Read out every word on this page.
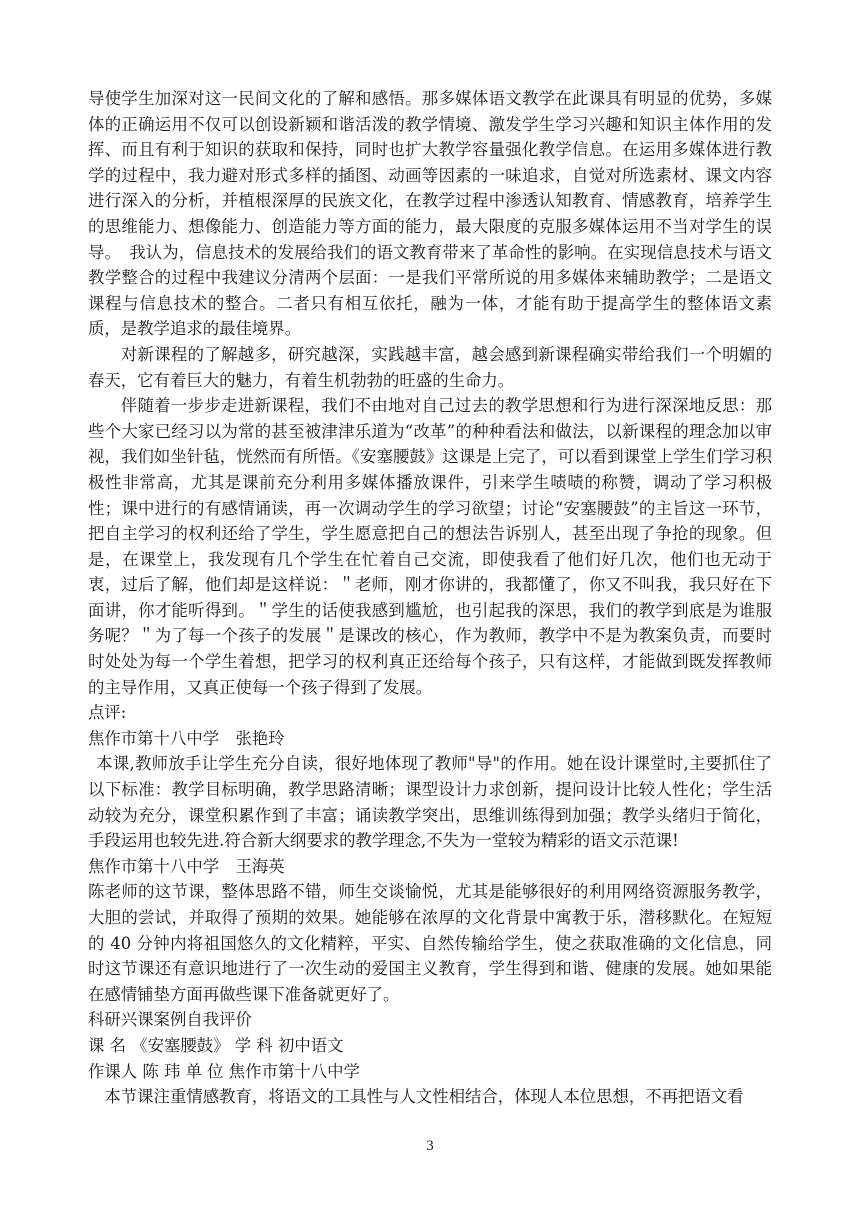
导使学生加深对这一民间文化的了解和感悟。那多媒体语文教学在此课具有明显的优势，多媒体的正确运用不仅可以创设新颖和谐活泼的教学情境、激发学生学习兴趣和知识主体作用的发挥、而且有利于知识的获取和保持，同时也扩大教学容量强化教学信息。在运用多媒体进行教学的过程中，我力避对形式多样的插图、动画等因素的一味追求，自觉对所选素材、课文内容进行深入的分析，并植根深厚的民族文化，在教学过程中渗透认知教育、情感教育，培养学生的思维能力、想像能力、创造能力等方面的能力，最大限度的克服多媒体运用不当对学生的误导。　我认为，信息技术的发展给我们的语文教育带来了革命性的影响。在实现信息技术与语文教学整合的过程中我建议分清两个层面：一是我们平常所说的用多媒体来辅助教学；二是语文课程与信息技术的整合。二者只有相互依托，融为一体，才能有助于提高学生的整体语文素质，是教学追求的最佳境界。

对新课程的了解越多，研究越深，实践越丰富，越会感到新课程确实带给我们一个明媚的春天，它有着巨大的魅力，有着生机勃勃的旺盛的生命力。

伴随着一步步走进新课程，我们不由地对自己过去的教学思想和行为进行深深地反思：那些个大家已经习以为常的甚至被津津乐道为“改革”的种种看法和做法，以新课程的理念加以审视，我们如坐针毡，恍然而有所悟。《安塞腰鼓》这课是上完了，可以看到课堂上学生们学习积极性非常高，尤其是课前充分利用多媒体播放课件，引来学生啧啧的称赞，调动了学习积极性；课中进行的有感情诵读，再一次调动学生的学习欲望；讨论“安塞腰鼓”的主旨这一环节，把自主学习的权利还给了学生，学生愿意把自己的想法告诉别人，甚至出现了争抢的现象。但是，在课堂上，我发现有几个学生在忙着自己交流，即使我看了他们好几次，他们也无动于衷，过后了解，他们却是这样说：＂老师，刚才你讲的，我都懂了，你又不叫我，我只好在下面讲，你才能听得到。＂学生的话使我感到尴尬，也引起我的深思，我们的教学到底是为谁服务呢？＂为了每一个孩子的发展＂是课改的核心，作为教师，教学中不是为教案负责，而要时时处处为每一个学生着想，把学习的权利真正还给每个孩子，只有这样，才能做到既发挥教师的主导作用，又真正使每一个孩子得到了发展。

点评:

焦作市第十八中学　张艳玲

本课,教师放手让学生充分自读，很好地体现了教师"导"的作用。她在设计课堂时,主要抓住了以下标准：教学目标明确，教学思路清晰；课型设计力求创新，提问设计比较人性化；学生活动较为充分，课堂积累作到了丰富；诵读教学突出，思维训练得到加强；教学头绪归于简化，手段运用也较先进.符合新大纲要求的教学理念,不失为一堂较为精彩的语文示范课!

焦作市第十八中学　王海英

陈老师的这节课，整体思路不错，师生交谈愉悦，尤其是能够很好的利用网络资源服务教学，大胆的尝试，并取得了预期的效果。她能够在浓厚的文化背景中寓教于乐，潜移默化。在短短的 40 分钟内将祖国悠久的文化精粹，平实、自然传输给学生，使之获取准确的文化信息，同时这节课还有意识地进行了一次生动的爱国主义教育，学生得到和谐、健康的发展。她如果能在感情铺垫方面再做些课下准备就更好了。

科研兴课案例自我评价

课 名 《安塞腰鼓》 学 科 初中语文

作课人 陈 玮 单 位 焦作市第十八中学

本节课注重情感教育，将语文的工具性与人文性相结合，体现人本位思想，不再把语文看

3
